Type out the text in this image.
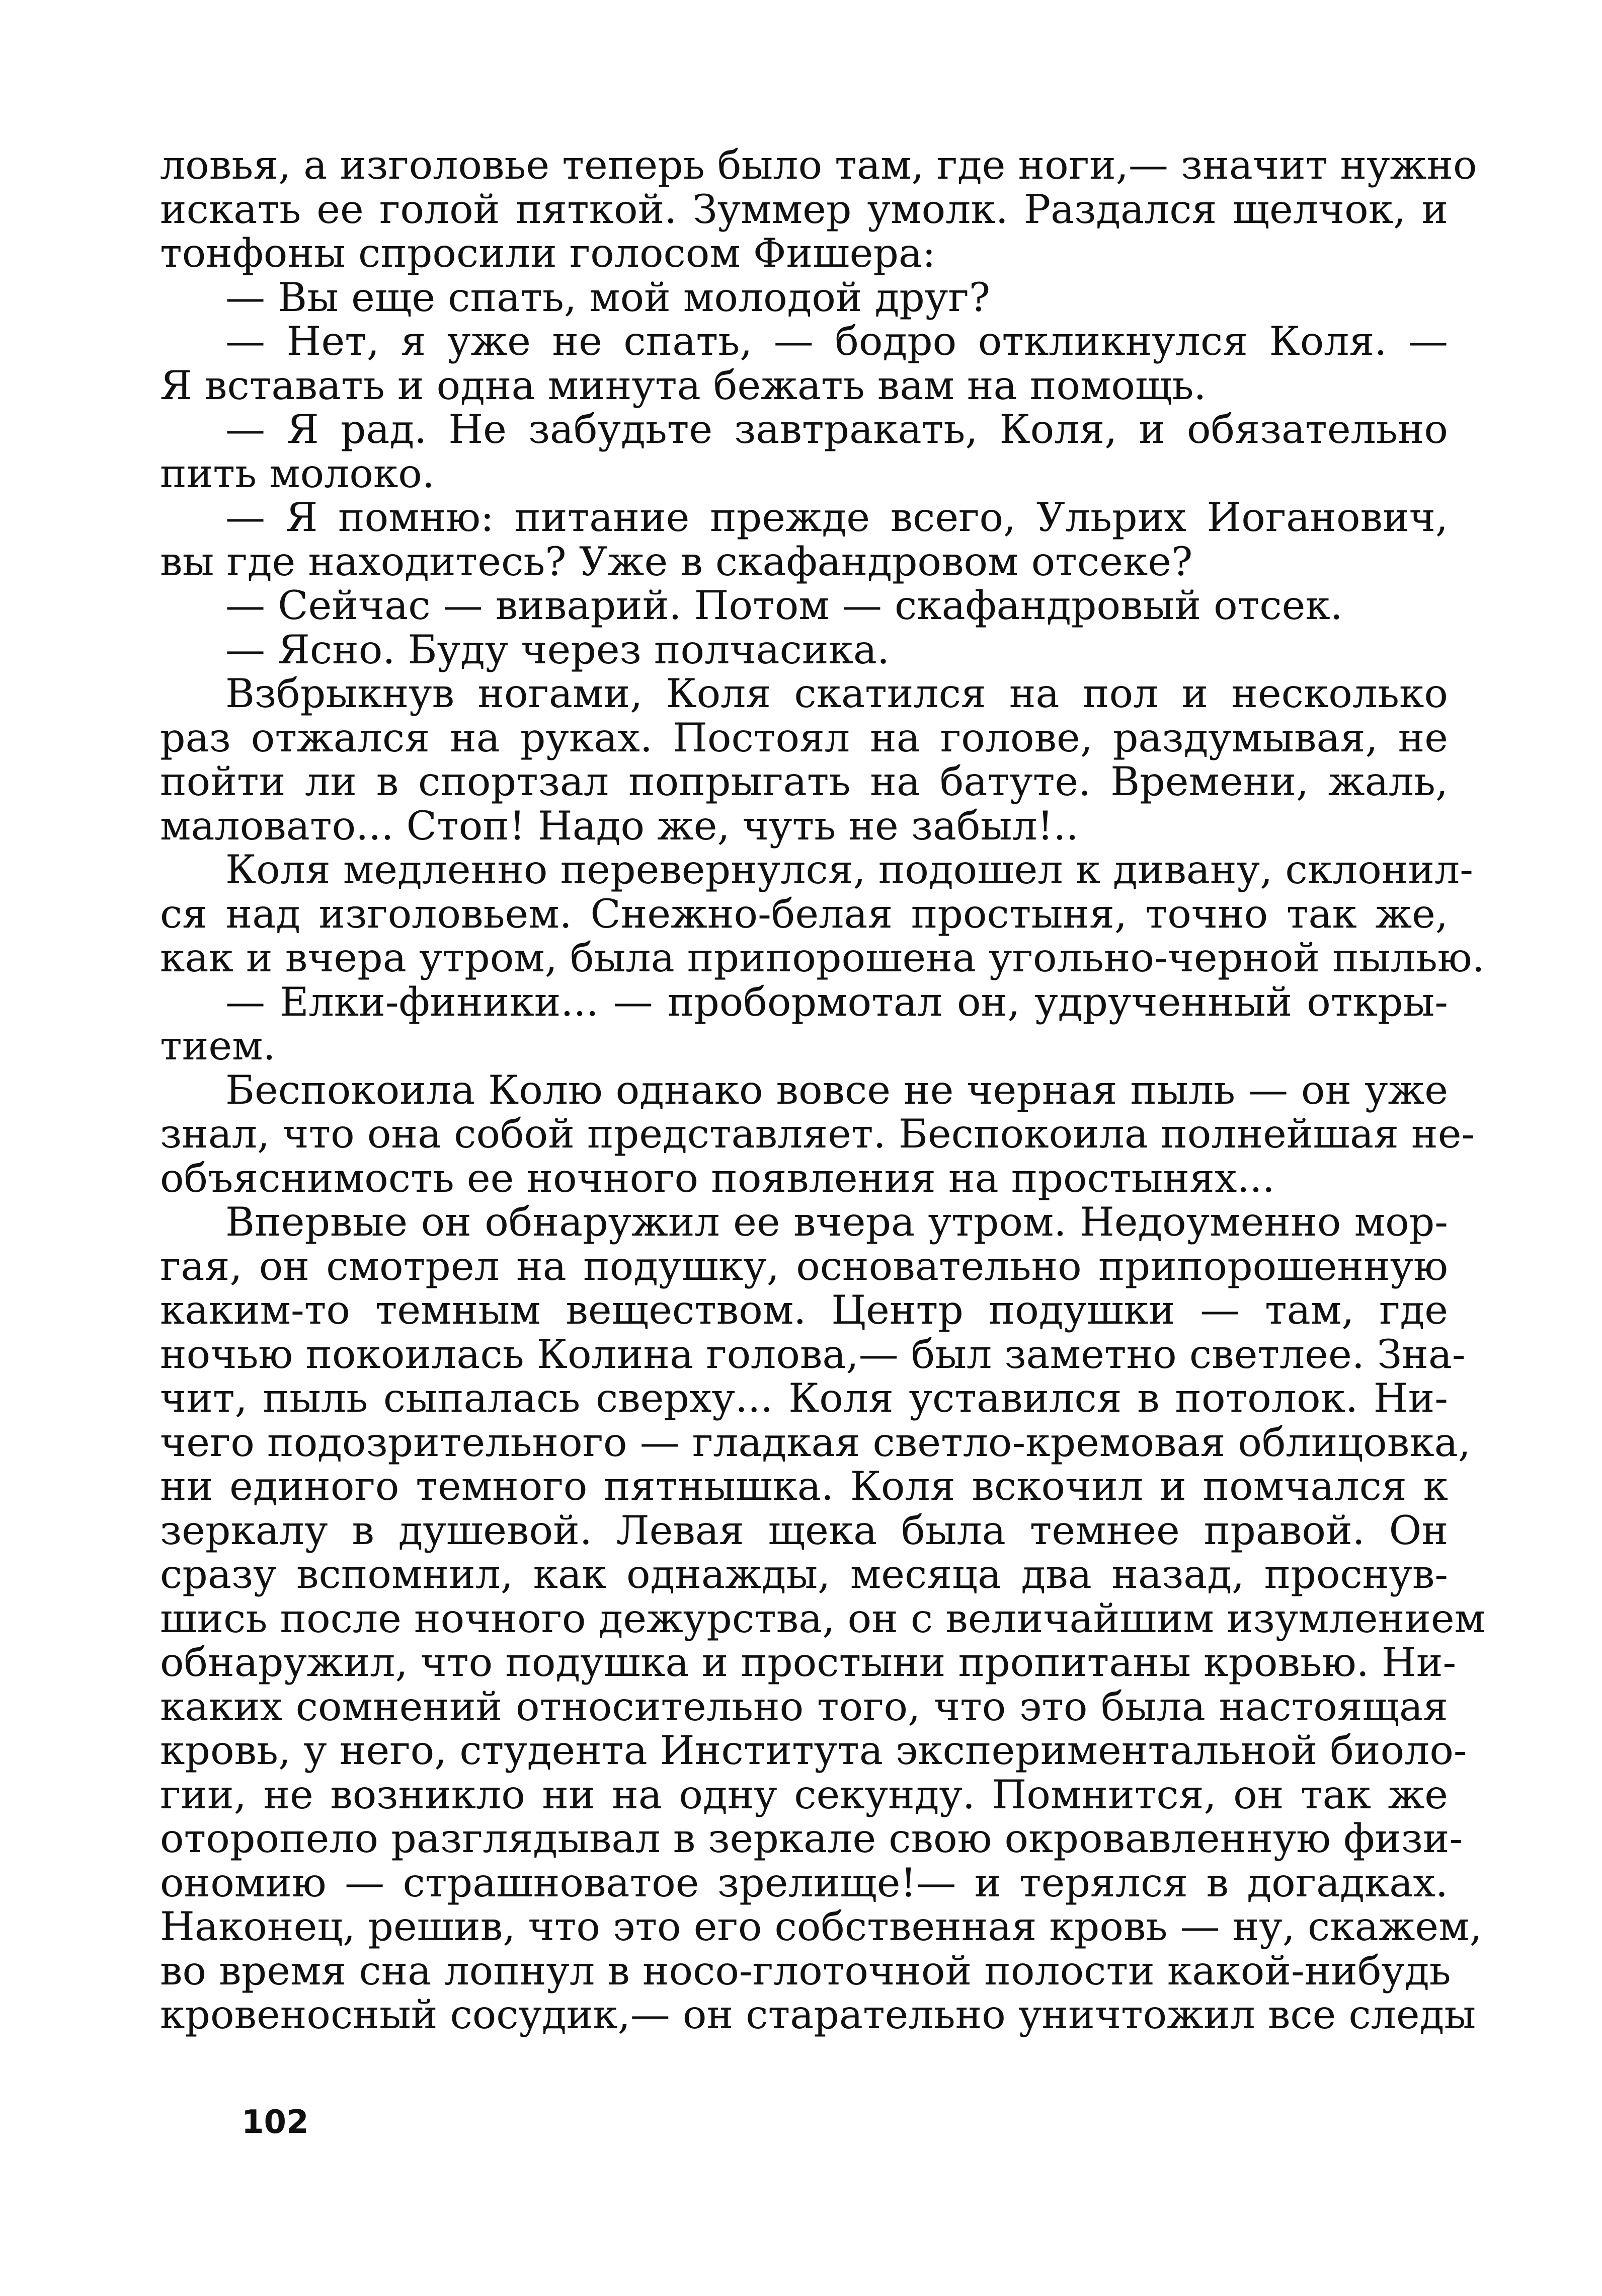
ловья, а изголовье теперь было там, где ноги,— значит нужно
искать ее голой пяткой. Зуммер умолк. Раздался щелчок, и
тонфоны спросили голосом Фишера:
— Вы еще спать, мой молодой друг?
— Нет, я уже не спать, — бодро откликнулся Коля. —
Я вставать и одна минута бежать вам на помощь.
— Я рад. Не забудьте завтракать, Коля, и обязательно
пить молоко.
— Я помню: питание прежде всего, Ульрих Иоганович,
вы где находитесь? Уже в скафандровом отсеке?
— Сейчас — виварий. Потом — скафандровый отсек.
— Ясно. Буду через полчасика.
Взбрыкнув ногами, Коля скатился на пол и несколько
раз отжался на руках. Постоял на голове, раздумывая, не
пойти ли в спортзал попрыгать на батуте. Времени, жаль,
маловато... Стоп! Надо же, чуть не забыл!..
Коля медленно перевернулся, подошел к дивану, склонил-
ся над изголовьем. Снежно-белая простыня, точно так же,
как и вчера утром, была припорошена угольно-черной пылью.
— Елки-финики... — пробормотал он, удрученный откры-
тием.
Беспокоила Колю однако вовсе не черная пыль — он уже
знал, что она собой представляет. Беспокоила полнейшая не-
объяснимость ее ночного появления на простынях...
Впервые он обнаружил ее вчера утром. Недоуменно мор-
гая, он смотрел на подушку, основательно припорошенную
каким-то темным веществом. Центр подушки — там, где
ночью покоилась Колина голова,— был заметно светлее. Зна-
чит, пыль сыпалась сверху... Коля уставился в потолок. Ни-
чего подозрительного — гладкая светло-кремовая облицовка,
ни единого темного пятнышка. Коля вскочил и помчался к
зеркалу в душевой. Левая щека была темнее правой. Он
сразу вспомнил, как однажды, месяца два назад, проснув-
шись после ночного дежурства, он с величайшим изумлением
обнаружил, что подушка и простыни пропитаны кровью. Ни-
каких сомнений относительно того, что это была настоящая
кровь, у него, студента Института экспериментальной биоло-
гии, не возникло ни на одну секунду. Помнится, он так же
оторопело разглядывал в зеркале свою окровавленную физи-
ономию — страшноватое зрелище!— и терялся в догадках.
Наконец, решив, что это его собственная кровь — ну, скажем,
во время сна лопнул в носо-глоточной полости какой-нибудь
кровеносный сосудик,— он старательно уничтожил все следы
102
